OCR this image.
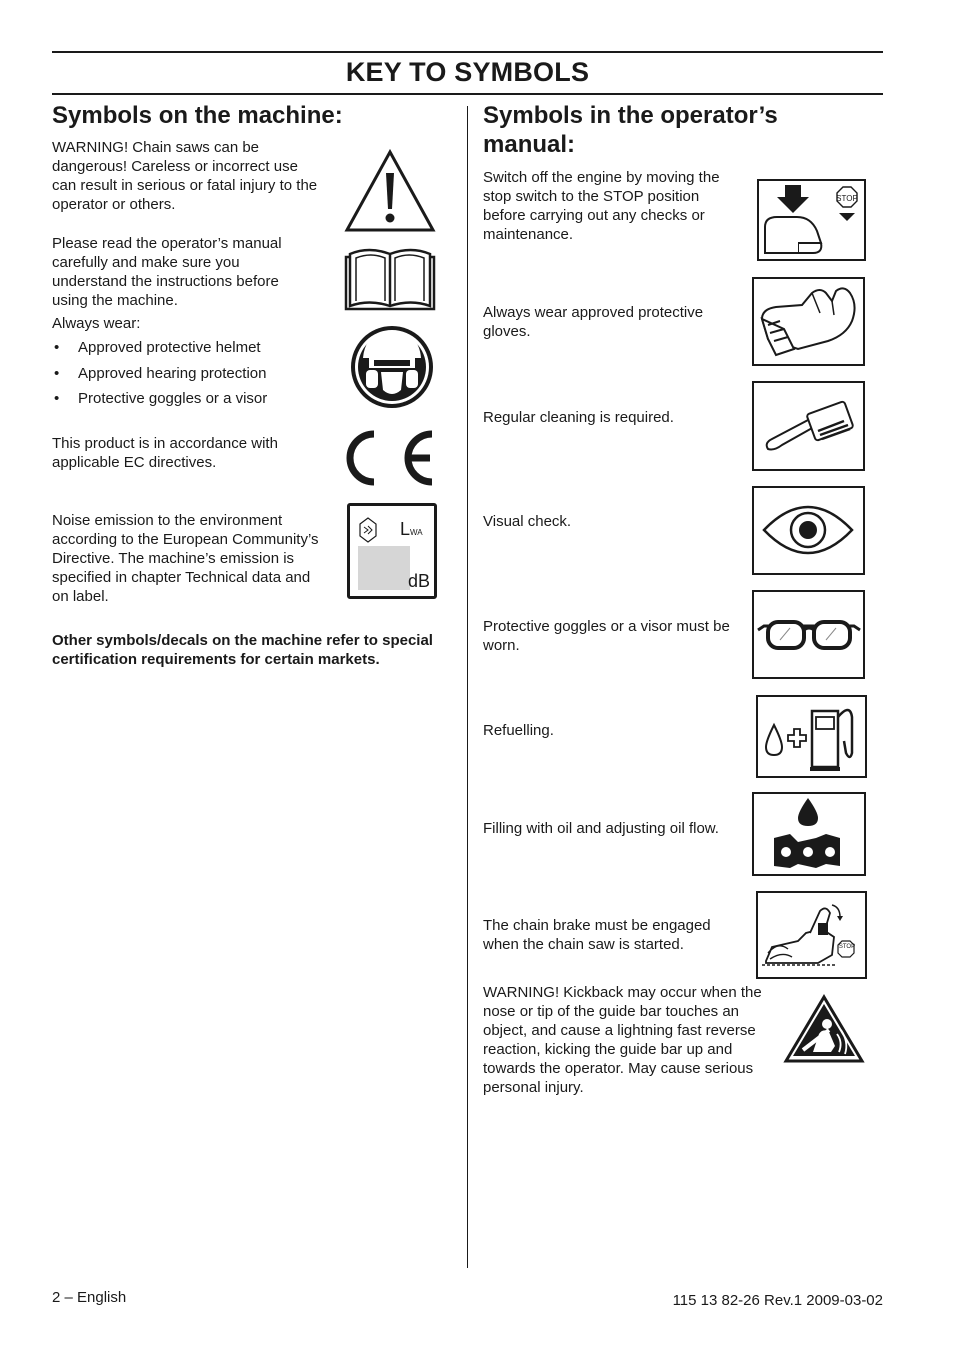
KEY TO SYMBOLS
Symbols on the machine:

WARNING! Chain saws can be dangerous! Careless or incorrect use can result in serious or fatal injury to the operator or others.

Please read the operator’s manual carefully and make sure you understand the instructions before using the machine.

Always wear:

• Approved protective helmet
• Approved hearing protection
• Protective goggles or a visor

This product is in accordance with applicable EC directives.

Noise emission to the environment according to the European Community’s Directive. The machine’s emission is specified in chapter Technical data and on label.

LWA
dB

Other symbols/decals on the machine refer to special certification requirements for certain markets.

Symbols in the operator’s
manual:

Switch off the engine by moving the stop switch to the STOP position before carrying out any checks or maintenance.

STOP

Always wear approved protective gloves.

Regular cleaning is required.

Visual check.

Protective goggles or a visor must be worn.

Refuelling.

Filling with oil and adjusting oil flow.

The chain brake must be engaged when the chain saw is started.	STOP

WARNING! Kickback may occur when the nose or tip of the guide bar touches an object, and cause a lightning fast reverse reaction, kicking the guide bar up and towards the operator. May cause serious personal injury.

2 – English	115 13 82-26 Rev.1 2009-03-02
